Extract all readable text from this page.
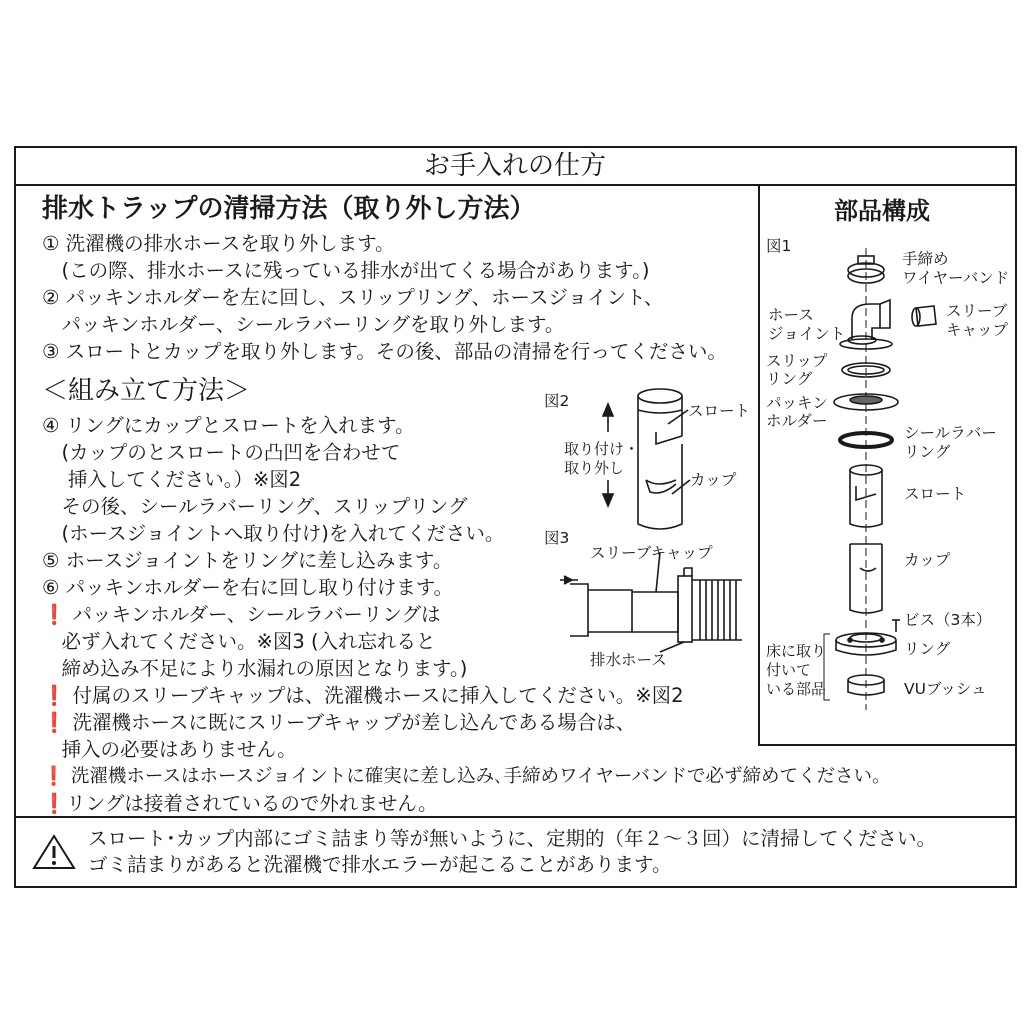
お手入れの仕方
排水トラップの清掃方法（取り外し方法）
① 洗濯機の排水ホースを取り外します。
　(この際、排水ホースに残っている排水が出てくる場合があります。)
② パッキンホルダーを左に回し、スリップリング、ホースジョイント、
　パッキンホルダー、シールラバーリングを取り外します。
③ スロートとカップを取り外します。その後、部品の清掃を行ってください。
＜組み立て方法＞
④ リングにカップとスロートを入れます。
　(カップのとスロートの凸凹を合わせて
　 挿入してください。）※図2
　その後、シールラバーリング、スリップリング
　(ホースジョイントへ取り付け)を入れてください。
⑤ ホースジョイントをリングに差し込みます。
⑥ パッキンホルダーを右に回し取り付けます。
❗ パッキンホルダー、シールラバーリングは
　必ず入れてください。※図3 (入れ忘れると
　締め込み不足により水漏れの原因となります。)
❗ 付属のスリーブキャップは、洗濯機ホースに挿入してください。※図2
❗ 洗濯機ホースに既にスリーブキャップが差し込んである場合は、
　挿入の必要はありません。
❗ 洗濯機ホースはホースジョイントに確実に差し込み､手締めワイヤーバンドで必ず締めてください。
❗リングは接着されているので外れません。
図2
取り付け・
取り外し
スロート
カップ
図3
スリーブキャップ
排水ホース
部品構成
図1
手締め
ワイヤーバンド
ホース
ジョイント
スリーブ
キャップ
スリップ
リング
パッキン
ホルダー
シールラバー
リング
スロート
カップ
ビス（3本）
リング
床に取り
付いて
いる部品	VUブッシュ
スロート･カップ内部にゴミ詰まり等が無いように、定期的（年２～３回）に清掃してください。
ゴミ詰まりがあると洗濯機で排水エラーが起こることがあります。
